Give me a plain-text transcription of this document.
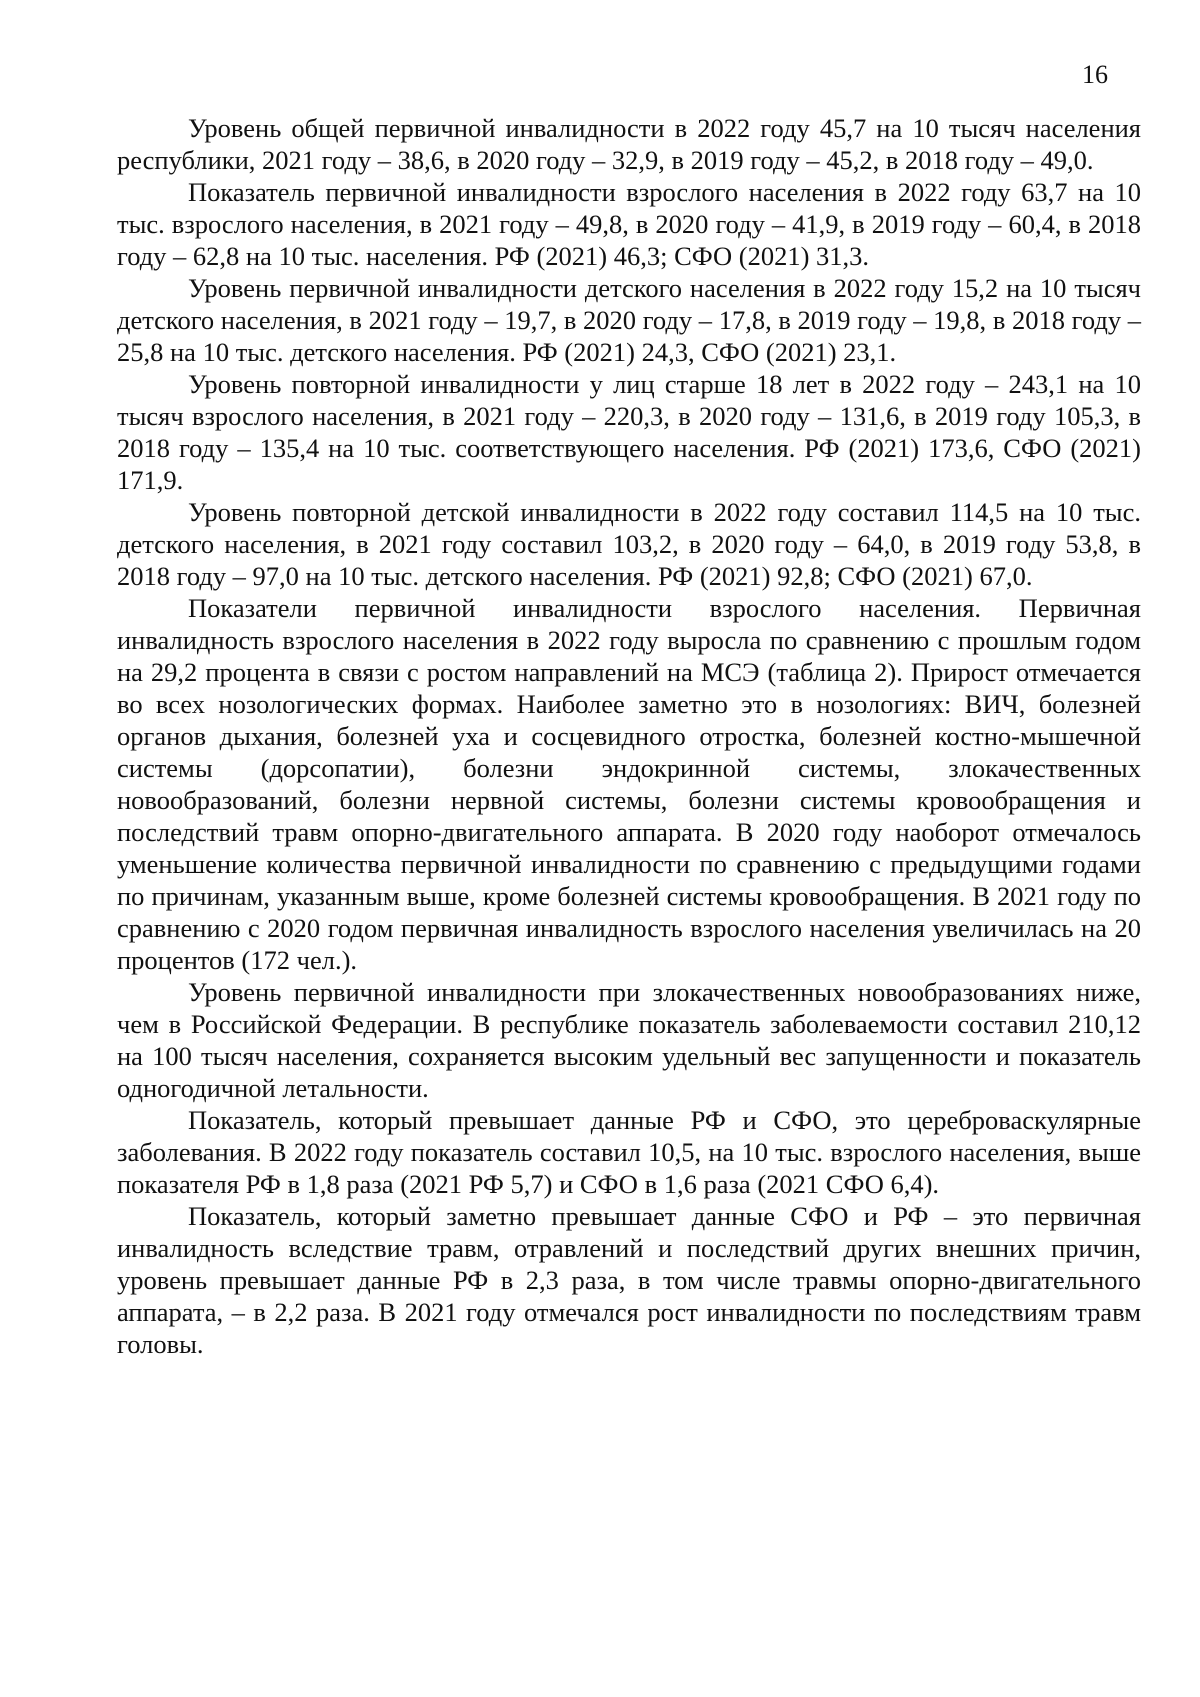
16

Уровень общей первичной инвалидности в 2022 году 45,7 на 10 тысяч населения республики, 2021 году – 38,6, в 2020 году – 32,9, в 2019 году – 45,2, в 2018 году – 49,0.

Показатель первичной инвалидности взрослого населения в 2022 году 63,7 на 10 тыс. взрослого населения, в 2021 году – 49,8, в 2020 году – 41,9, в 2019 году – 60,4, в 2018 году – 62,8 на 10 тыс. населения. РФ (2021) 46,3; СФО (2021) 31,3.

Уровень первичной инвалидности детского населения в 2022 году 15,2 на 10 тысяч детского населения, в 2021 году – 19,7, в 2020 году – 17,8, в 2019 году – 19,8, в 2018 году – 25,8 на 10 тыс. детского населения. РФ (2021) 24,3, СФО (2021) 23,1.

Уровень повторной инвалидности у лиц старше 18 лет в 2022 году – 243,1 на 10 тысяч взрослого населения, в 2021 году – 220,3, в 2020 году – 131,6, в 2019 году 105,3, в 2018 году – 135,4 на 10 тыс. соответствующего населения. РФ (2021) 173,6, СФО (2021) 171,9.

Уровень повторной детской инвалидности в 2022 году составил 114,5 на 10 тыс. детского населения, в 2021 году составил 103,2, в 2020 году – 64,0, в 2019 году 53,8, в 2018 году – 97,0 на 10 тыс. детского населения. РФ (2021) 92,8; СФО (2021) 67,0.

Показатели первичной инвалидности взрослого населения. Первичная инвалидность взрослого населения в 2022 году выросла по сравнению с прошлым годом на 29,2 процента в связи с ростом направлений на МСЭ (таблица 2). Прирост отмечается во всех нозологических формах. Наиболее заметно это в нозологиях: ВИЧ, болезней органов дыхания, болезней уха и сосцевидного отростка, болезней костно-мышечной системы (дорсопатии), болезни эндокринной системы, злокачественных новообразований, болезни нервной системы, болезни системы кровообращения и последствий травм опорно-двигательного аппарата. В 2020 году наоборот отмечалось уменьшение количества первичной инвалидности по сравнению с предыдущими годами по причинам, указанным выше, кроме болезней системы кровообращения. В 2021 году по сравнению с 2020 годом первичная инвалидность взрослого населения увеличилась на 20 процентов (172 чел.).

Уровень первичной инвалидности при злокачественных новообразованиях ниже, чем в Российской Федерации. В республике показатель заболеваемости составил 210,12 на 100 тысяч населения, сохраняется высоким удельный вес запущенности и показатель одногодичной летальности.

Показатель, который превышает данные РФ и СФО, это цереброваскулярные заболевания. В 2022 году показатель составил 10,5, на 10 тыс. взрослого населения, выше показателя РФ в 1,8 раза (2021 РФ 5,7) и СФО в 1,6 раза (2021 СФО 6,4).

Показатель, который заметно превышает данные СФО и РФ – это первичная инвалидность вследствие травм, отравлений и последствий других внешних причин, уровень превышает данные РФ в 2,3 раза, в том числе травмы опорно-двигательного аппарата, – в 2,2 раза. В 2021 году отмечался рост инвалидности по последствиям травм головы.
